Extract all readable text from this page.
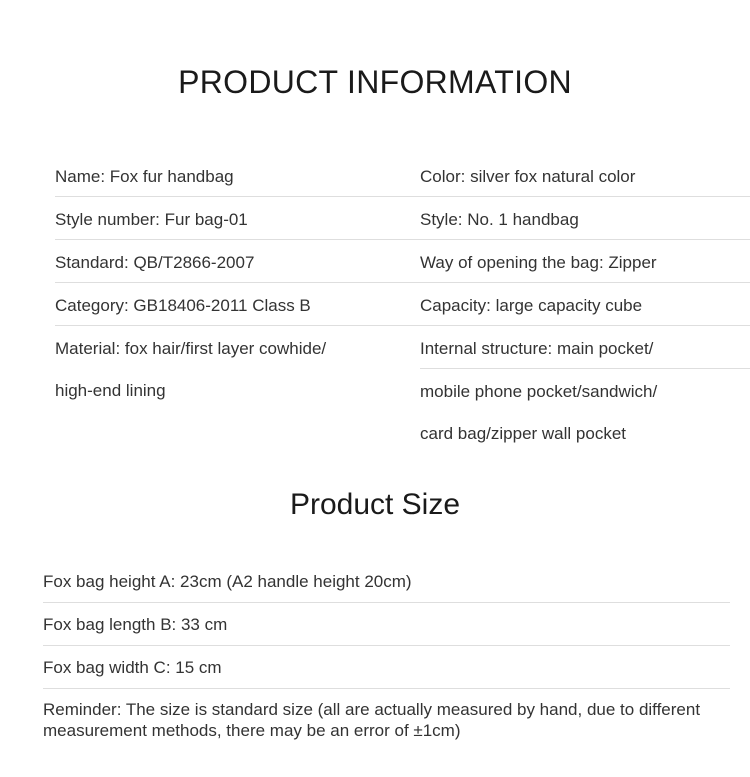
PRODUCT INFORMATION
Name: Fox fur handbag
Style number: Fur bag-01
Standard: QB/T2866-2007
Category: GB18406-2011 Class B
Material: fox hair/first layer cowhide/
high-end lining
Color: silver fox natural color
Style: No. 1 handbag
Way of opening the bag: Zipper
Capacity: large capacity cube
Internal structure: main pocket/
mobile phone pocket/sandwich/
card bag/zipper wall pocket
Product Size
Fox bag height A: 23cm (A2 handle height 20cm)
Fox bag length B: 33 cm
Fox bag width C: 15 cm
Reminder: The size is standard size (all are actually measured by hand, due to different measurement methods, there may be an error of ±1cm)
